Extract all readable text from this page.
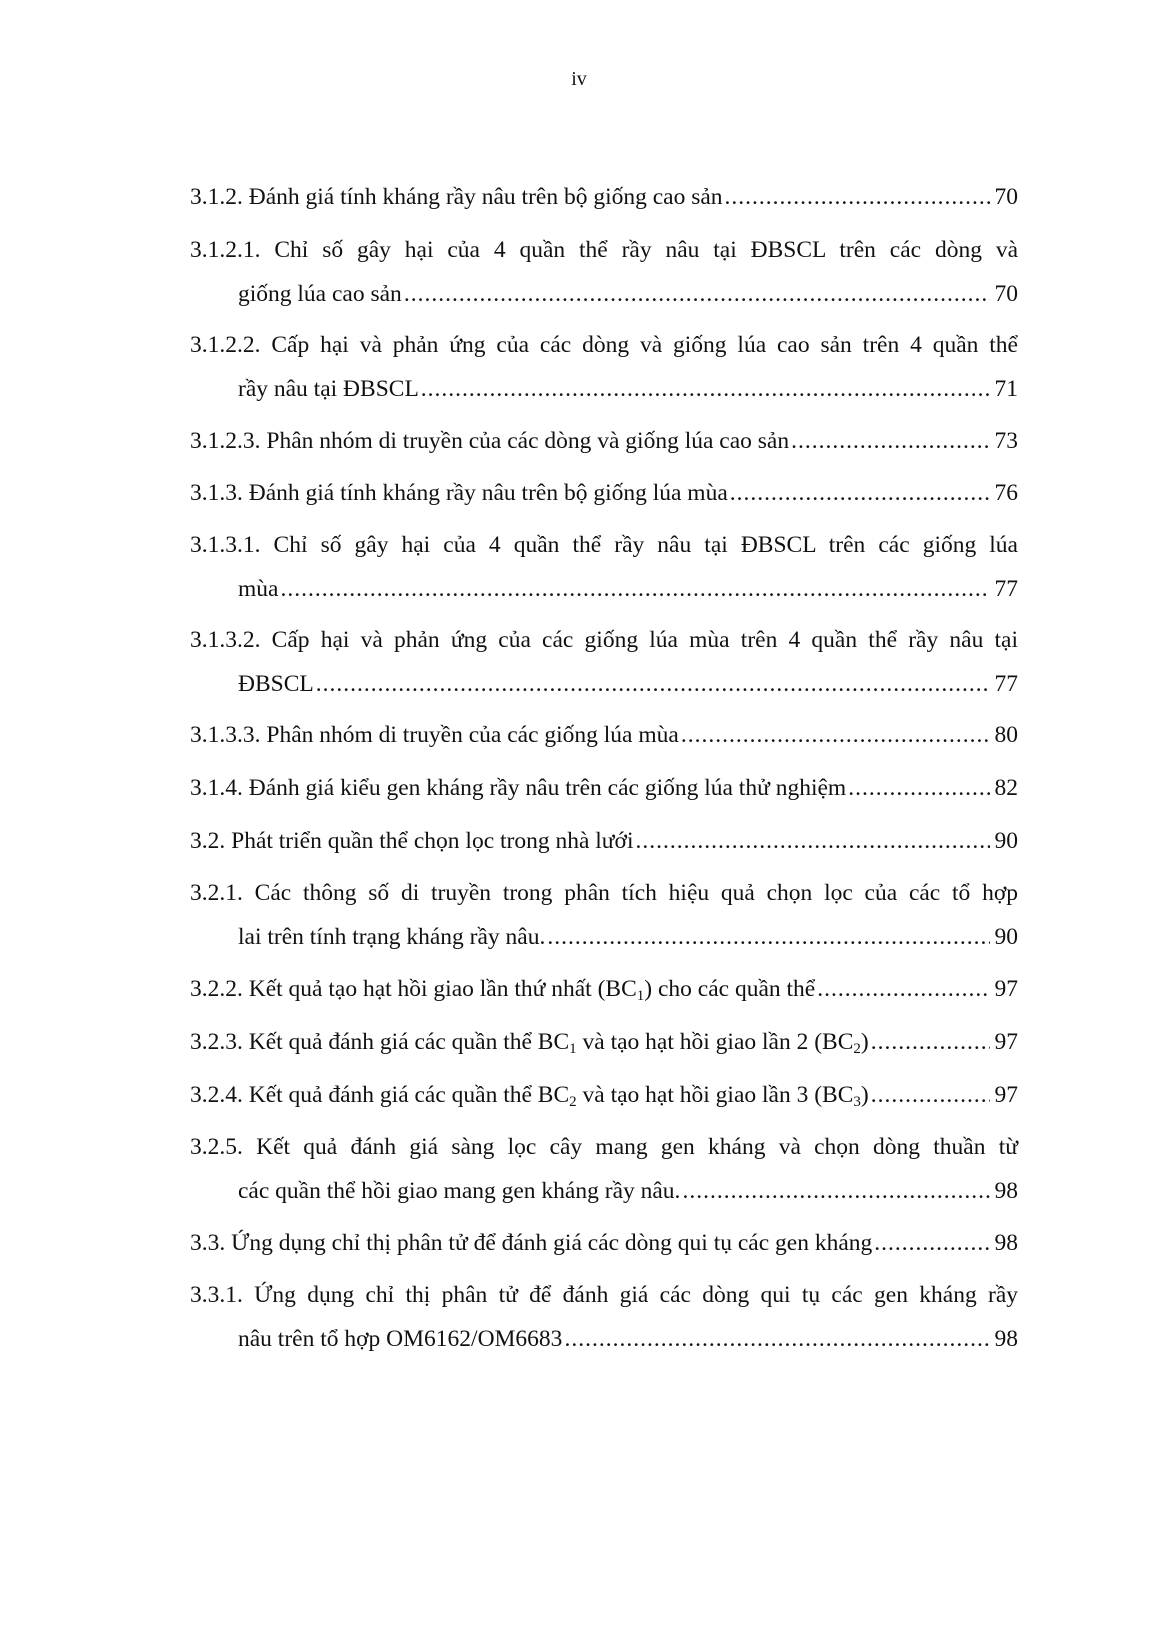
iv
3.1.2. Đánh giá tính kháng rầy nâu trên bộ giống cao sản .....	70
3.1.2.1. Chỉ số gây hại của 4 quần thể rầy nâu tại ĐBSCL trên các dòng và
giống lúa cao sản .....	70
3.1.2.2. Cấp hại và phản ứng của các dòng và giống lúa cao sản trên 4 quần thể
rầy nâu tại ĐBSCL .....	71
3.1.2.3. Phân nhóm di truyền của các dòng và giống lúa cao sản .....	73
3.1.3. Đánh giá tính kháng rầy nâu trên bộ giống lúa mùa .....	76
3.1.3.1. Chỉ số gây hại của 4 quần thể rầy nâu tại ĐBSCL trên các giống lúa
mùa .....	77
3.1.3.2. Cấp hại và phản ứng của các giống lúa mùa trên 4 quần thể rầy nâu tại
ĐBSCL .....	77
3.1.3.3. Phân nhóm di truyền của các giống lúa mùa .....	80
3.1.4. Đánh giá kiểu gen kháng rầy nâu trên các giống lúa thử nghiệm .....	82
3.2. Phát triển quần thể chọn lọc trong nhà lưới .....	90
3.2.1. Các thông số di truyền trong phân tích hiệu quả chọn lọc của các tổ hợp
lai trên tính trạng kháng rầy nâu. .....	90
3.2.2. Kết quả tạo hạt hồi giao lần thứ nhất $(BC_1)$ cho các quần thể .....	97
3.2.3. Kết quả đánh giá các quần thể $BC_1$ và tạo hạt hồi giao lần 2 $(BC_2)$ .....	97
3.2.4. Kết quả đánh giá các quần thể $BC_2$ và tạo hạt hồi giao lần 3 $(BC_3)$ .....	97
3.2.5. Kết quả đánh giá sàng lọc cây mang gen kháng và chọn dòng thuần từ
các quần thể hồi giao mang gen kháng rầy nâu. .....	98
3.3. Ứng dụng chỉ thị phân tử để đánh giá các dòng qui tụ các gen kháng .....	98
3.3.1. Ứng dụng chỉ thị phân tử để đánh giá các dòng qui tụ các gen kháng rầy
nâu trên tổ hợp OM6162/OM6683 .....	98
